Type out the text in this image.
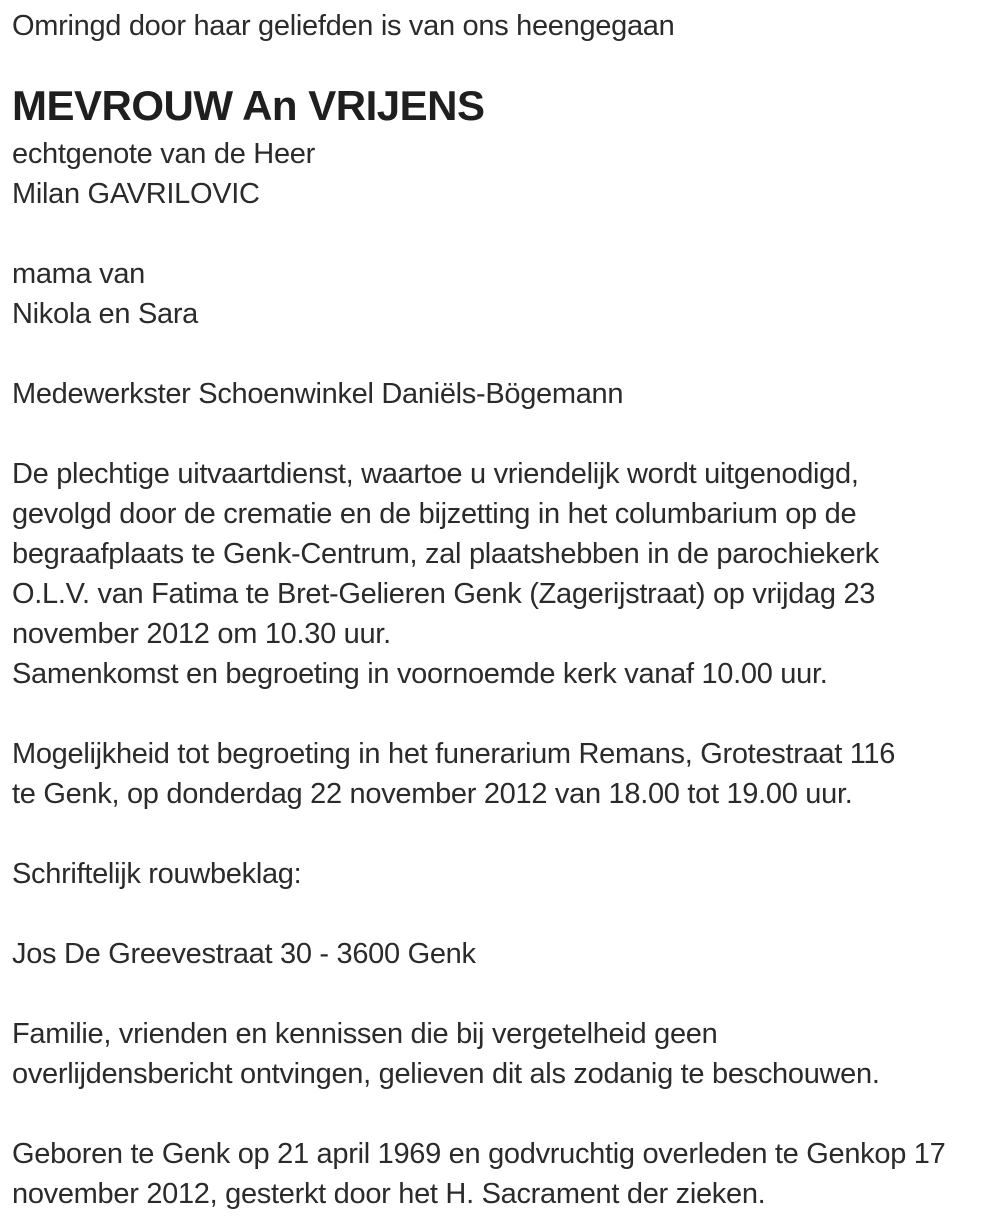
Omringd door haar geliefden is van ons heengegaan
MEVROUW An VRIJENS
echtgenote van de Heer
Milan GAVRILOVIC
mama van
Nikola en Sara
Medewerkster Schoenwinkel Daniëls-Bögemann
De plechtige uitvaartdienst, waartoe u vriendelijk wordt uitgenodigd,
gevolgd door de crematie en de bijzetting in het columbarium op de
begraafplaats te Genk-Centrum, zal plaatshebben in de parochiekerk
O.L.V. van Fatima te Bret-Gelieren Genk (Zagerijstraat) op vrijdag 23
november 2012 om 10.30 uur.
Samenkomst en begroeting in voornoemde kerk vanaf 10.00 uur.
Mogelijkheid tot begroeting in het funerarium Remans, Grotestraat 116
te Genk, op donderdag 22 november 2012 van 18.00 tot 19.00 uur.
Schriftelijk rouwbeklag:
Jos De Greevestraat 30 - 3600 Genk
Familie, vrienden en kennissen die bij vergetelheid geen
overlijdensbericht ontvingen, gelieven dit als zodanig te beschouwen.
Geboren te Genk op 21 april 1969 en godvruchtig overleden te Genkop 17
november 2012, gesterkt door het H. Sacrament der zieken.
